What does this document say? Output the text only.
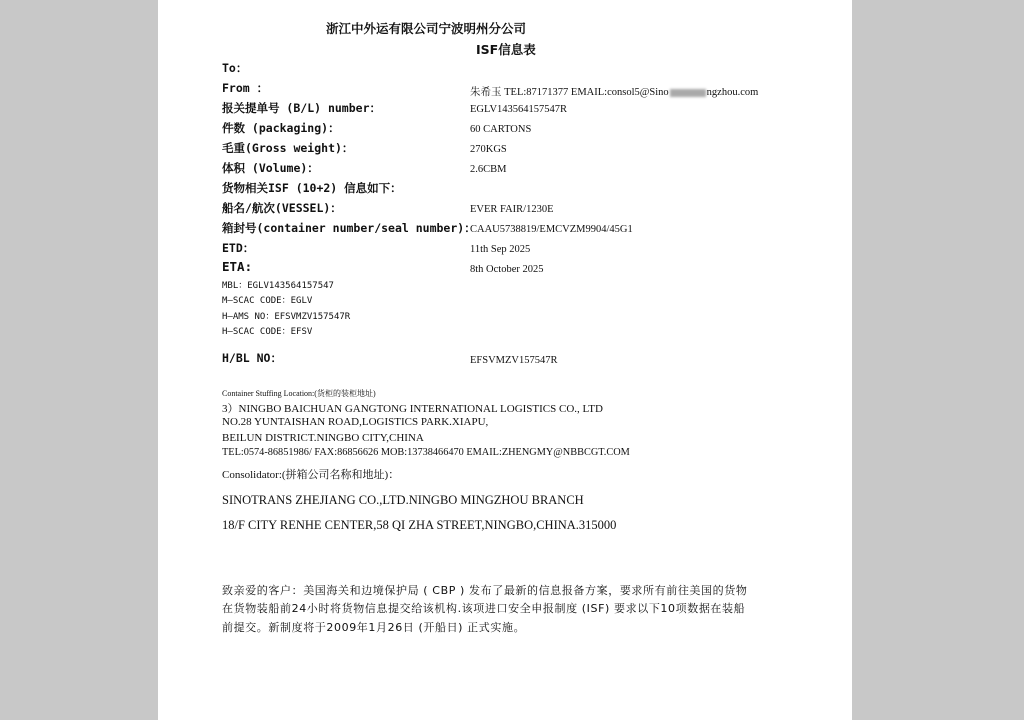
浙江中外运有限公司宁波明州分公司
ISF信息表
To：
From ：	朱希玉 TEL:87171377 EMAIL:consol5@Sino	ngzhou.com
报关提单号 (B/L) number：	EGLV143564157547R
件数 (packaging)：	60 CARTONS
毛重(Gross weight)：	270KGS
体积 (Volume)：	2.6CBM
货物相关ISF (10+2) 信息如下：
船名/航次(VESSEL)：	EVER FAIR/1230E
箱封号(container number/seal number)：
CAAU5738819/EMCVZM9904/45G1
ETD：	11th Sep 2025
ETA:	8th October 2025
MBL：EGLV143564157547
M—SCAC CODE：EGLV
H—AMS NO：EFSVMZV157547R
H—SCAC CODE：EFSV
H/BL NO：	EFSVMZV157547R
Container Stuffing Location:(货柜的装柜地址)
3）NINGBO BAICHUAN GANGTONG INTERNATIONAL LOGISTICS CO., LTD
NO.28 YUNTAISHAN ROAD,LOGISTICS PARK.XIAPU,
BEILUN DISTRICT.NINGBO CITY,CHINA
TEL:0574-86851986/ FAX:86856626 MOB:13738466470 EMAIL:ZHENGMY@NBBCGT.COM
Consolidator:(拼箱公司名称和地址)：
SINOTRANS ZHEJIANG CO.,LTD.NINGBO MINGZHOU BRANCH
18/F CITY RENHE CENTER,58 QI ZHA STREET,NINGBO,CHINA.315000
致亲爱的客户：美国海关和边境保护局 ( CBP ) 发布了最新的信息报备方案，要求所有前往美国的货物
在货物装船前24小时将货物信息提交给该机构.该项进口安全申报制度 (ISF) 要求以下10项数据在装船
前提交。新制度将于2009年1月26日 (开船日) 正式实施。
